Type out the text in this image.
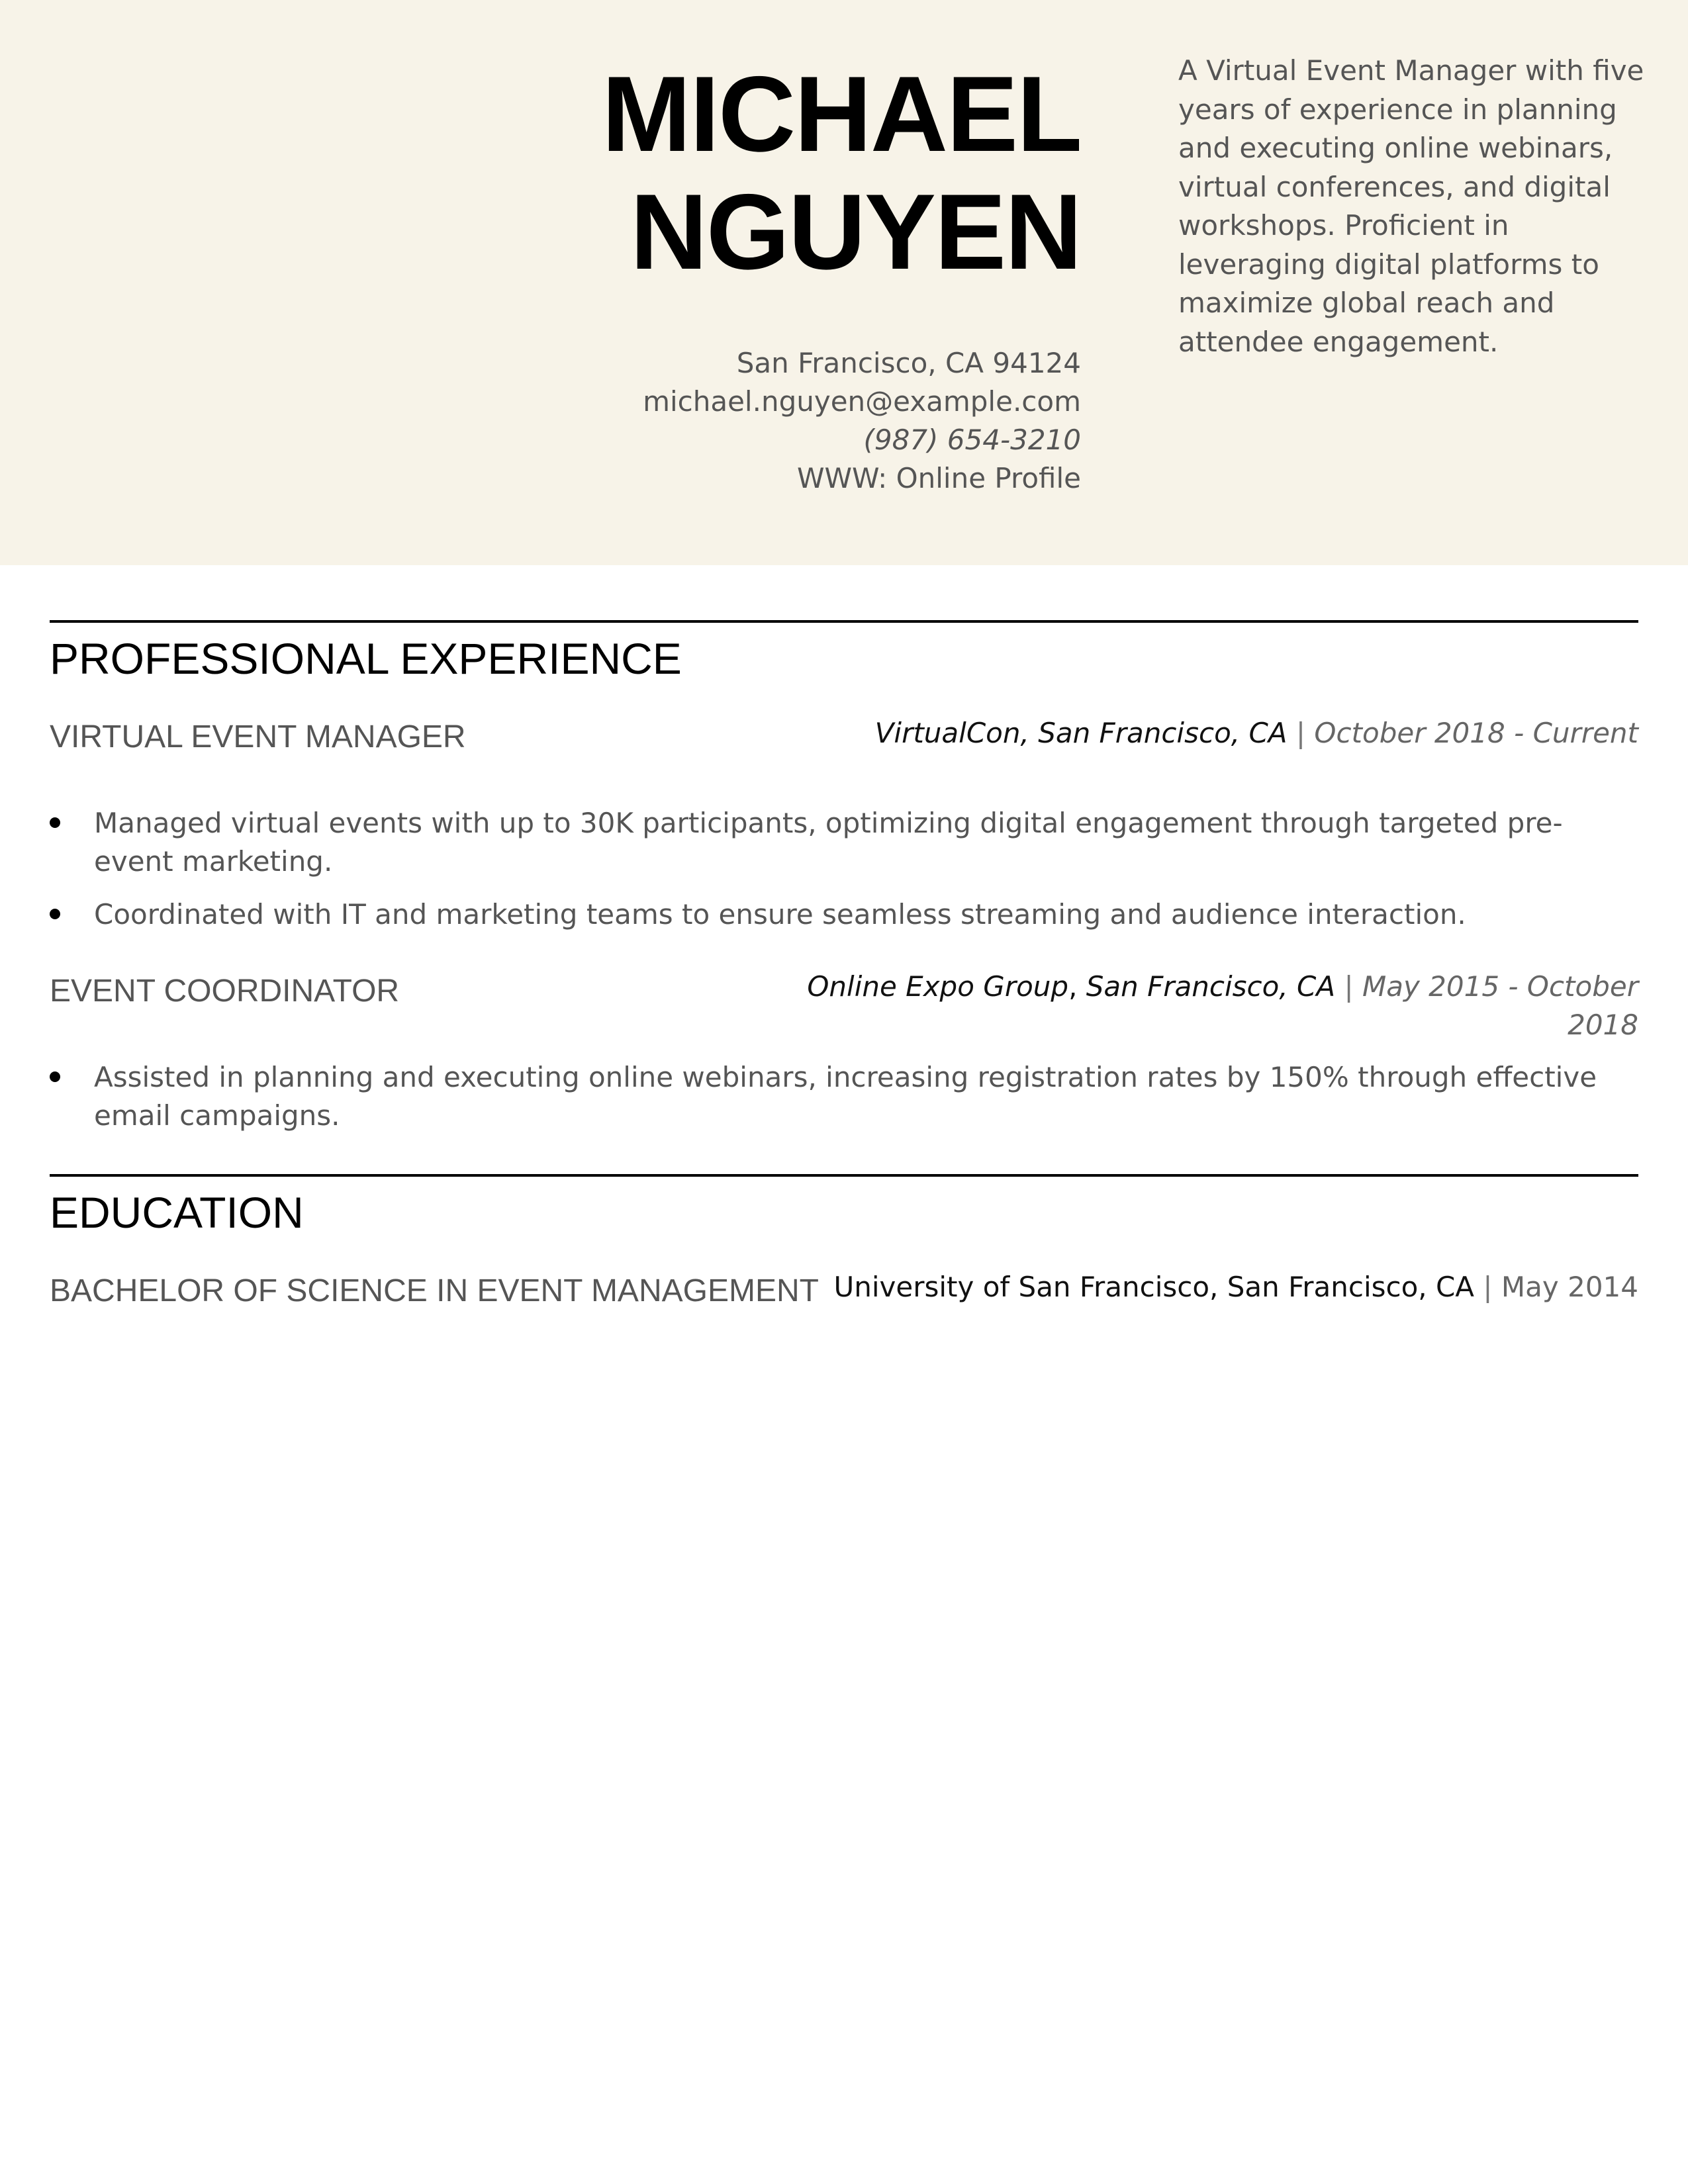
MICHAEL
NGUYEN
San Francisco, CA 94124
michael.nguyen@example.com
(987) 654-3210
WWW: Online Profile
A Virtual Event Manager with five years of experience in planning and executing online webinars, virtual conferences, and digital workshops. Proficient in leveraging digital platforms to maximize global reach and attendee engagement.
PROFESSIONAL EXPERIENCE
VIRTUAL EVENT MANAGER	VirtualCon, San Francisco, CA | October 2018 - Current
Managed virtual events with up to 30K participants, optimizing digital engagement through targeted pre-event marketing.
Coordinated with IT and marketing teams to ensure seamless streaming and audience interaction.
EVENT COORDINATOR	Online Expo Group, San Francisco, CA | May 2015 - October 2018
Assisted in planning and executing online webinars, increasing registration rates by 150% through effective email campaigns.
EDUCATION
BACHELOR OF SCIENCE IN EVENT MANAGEMENT University of San Francisco, San Francisco, CA | May 2014
